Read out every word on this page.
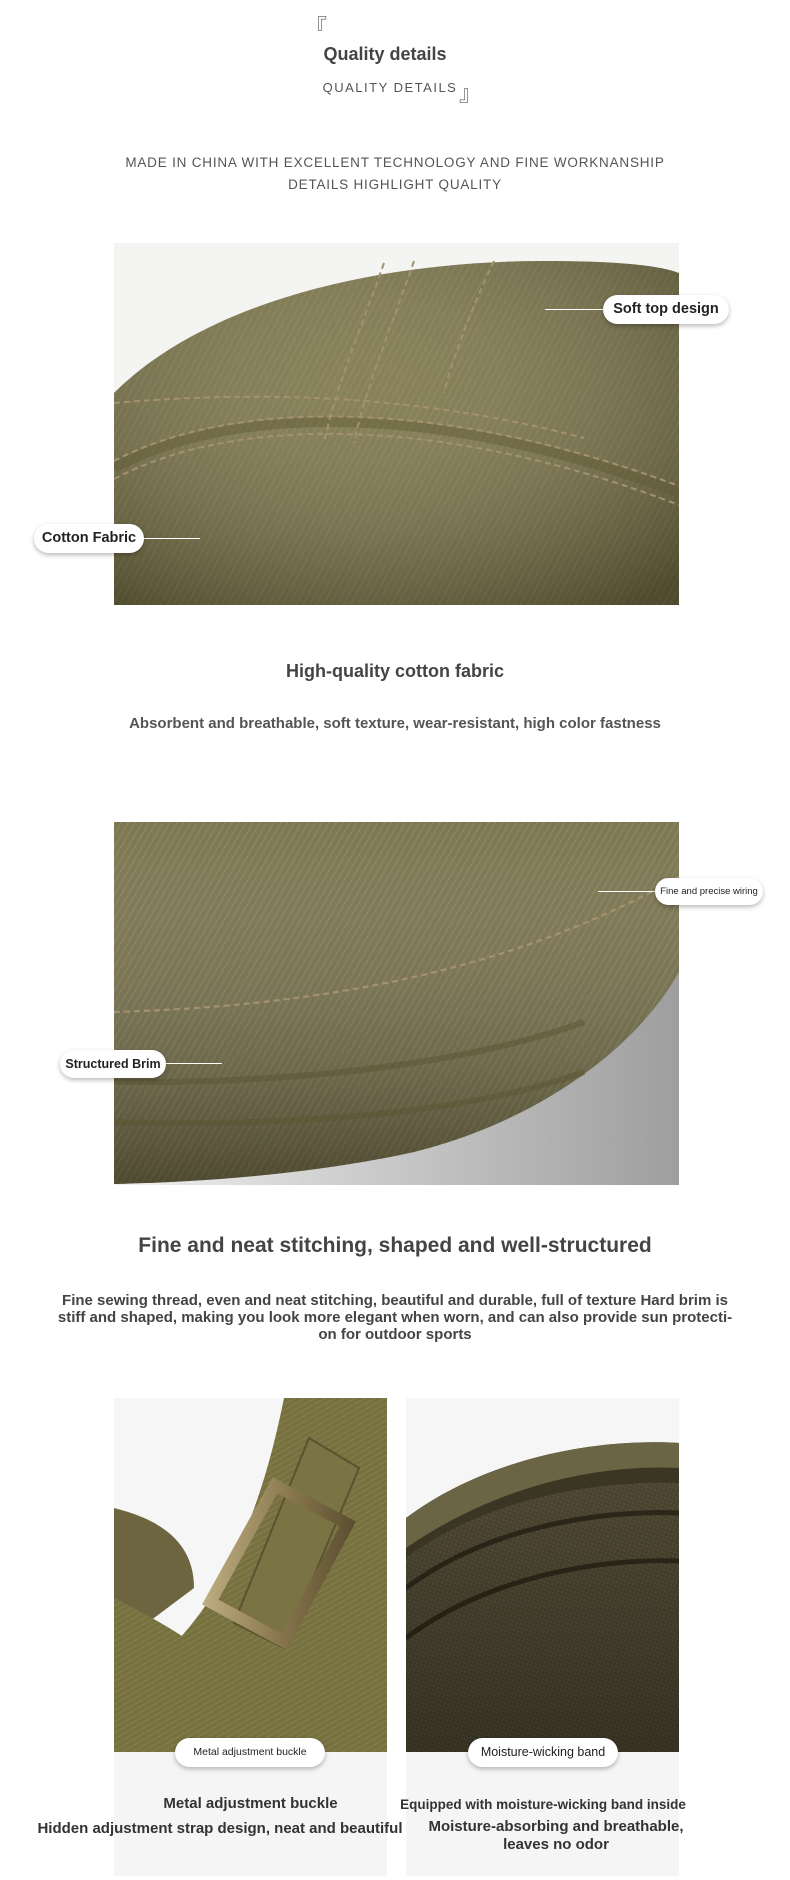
『
Quality details
QUALITY DETAILS 』
MADE IN CHINA WITH EXCELLENT TECHNOLOGY AND FINE WORKNANSHIP
DETAILS HIGHLIGHT QUALITY
Soft top design
Cotton Fabric
High-quality cotton fabric
Absorbent and breathable, soft texture, wear-resistant, high color fastness
Fine and precise wiring
Structured Brim
Fine and neat stitching, shaped and well-structured
Fine sewing thread, even and neat stitching, beautiful and durable, full of texture Hard brim is
stiff and shaped, making you look more elegant when worn, and can also provide sun protecti-
on for outdoor sports
Metal adjustment buckle
Metal adjustment buckle
Hidden adjustment strap design, neat and beautiful
Moisture-wicking band
Equipped with moisture-wicking band inside
Moisture-absorbing and breathable,
leaves no odor
